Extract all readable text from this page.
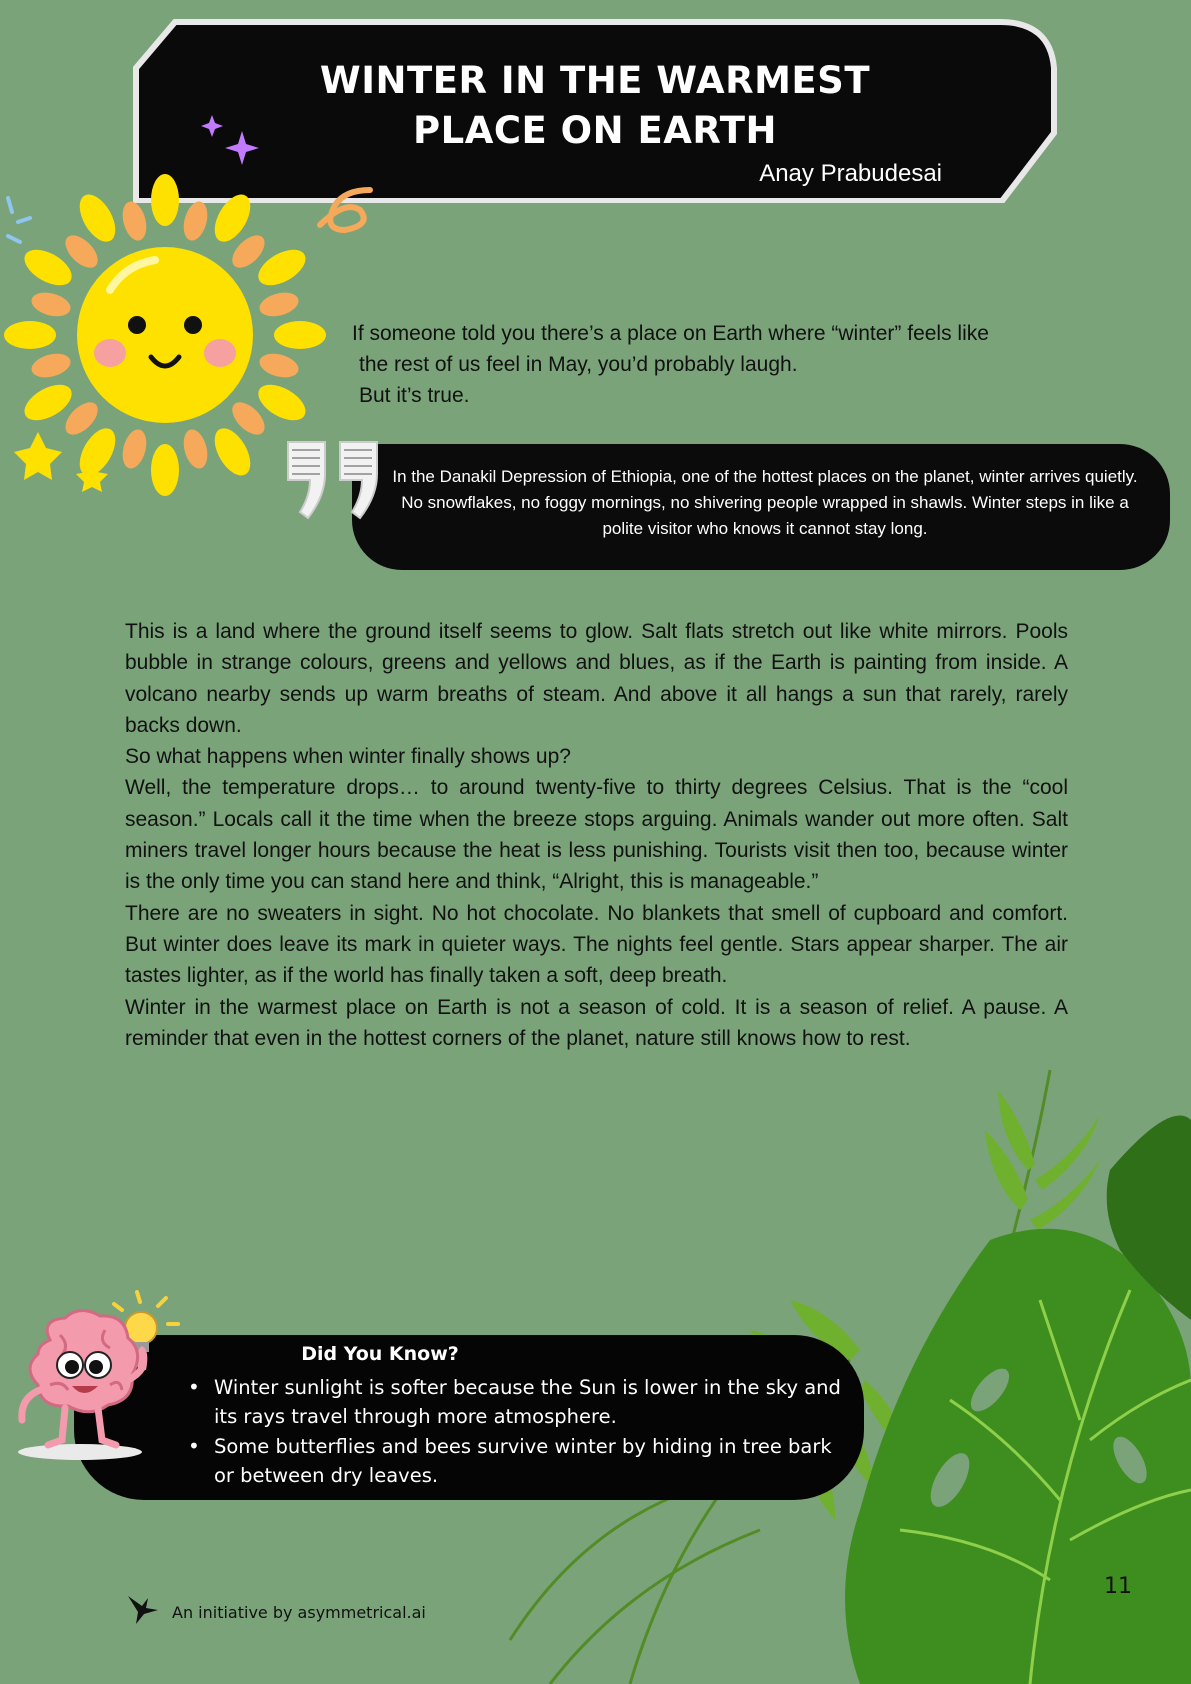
WINTER IN THE WARMEST
PLACE ON EARTH
Anay Prabudesai

If someone told you there’s a place on Earth where “winter” feels like

the rest of us feel in May, you’d probably laugh.

But it’s true.

In the Danakil Depression of Ethiopia, one of the hottest places on the planet, winter arrives quietly. No snowflakes, no foggy mornings, no shivering people wrapped in shawls. Winter steps in like a polite visitor who knows it cannot stay long.

This is a land where the ground itself seems to glow. Salt flats stretch out like white mirrors. Pools bubble in strange colours, greens and yellows and blues, as if the Earth is painting from inside. A volcano nearby sends up warm breaths of steam. And above it all hangs a sun that rarely, rarely backs down.

So what happens when winter finally shows up?

Well, the temperature drops… to around twenty-five to thirty degrees Celsius. That is the “cool season.” Locals call it the time when the breeze stops arguing. Animals wander out more often. Salt miners travel longer hours because the heat is less punishing. Tourists visit then too, because winter is the only time you can stand here and think, “Alright, this is manageable.”

There are no sweaters in sight. No hot chocolate. No blankets that smell of cupboard and comfort. But winter does leave its mark in quieter ways. The nights feel gentle. Stars appear sharper. The air tastes lighter, as if the world has finally taken a soft, deep breath.

Winter in the warmest place on Earth is not a season of cold. It is a season of relief. A pause. A reminder that even in the hottest corners of the planet, nature still knows how to rest.

Did You Know?
• Winter sunlight is softer because the Sun is lower in the sky and its rays travel through more atmosphere.
• Some butterflies and bees survive winter by hiding in tree bark or between dry leaves.
An initiative by asymmetrical.ai
11
